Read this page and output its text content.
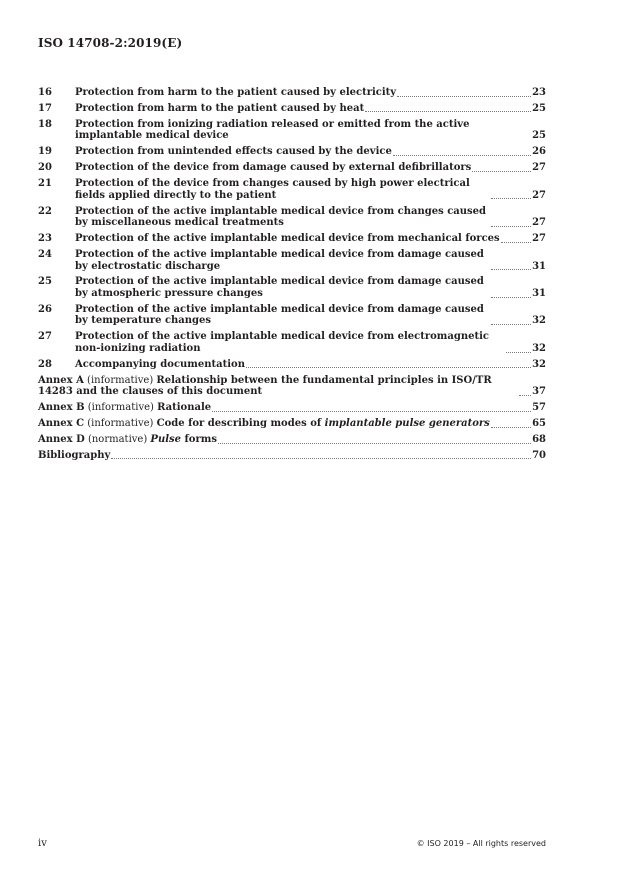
ISO 14708-2:2019(E)
16	Protection from harm to the patient caused by electricity	23
17	Protection from harm to the patient caused by heat	25
18	Protection from ionizing radiation released or emitted from the active implantable medical device	25
19	Protection from unintended effects caused by the device	26
20	Protection of the device from damage caused by external defibrillators	27
21	Protection of the device from changes caused by high power electrical fields applied directly to the patient	27
22	Protection of the active implantable medical device from changes caused by miscellaneous medical treatments	27
23	Protection of the active implantable medical device from mechanical forces	27
24	Protection of the active implantable medical device from damage caused by electrostatic discharge	31
25	Protection of the active implantable medical device from damage caused by atmospheric pressure changes	31
26	Protection of the active implantable medical device from damage caused by temperature changes	32
27	Protection of the active implantable medical device from electromagnetic non-ionizing radiation	32
28	Accompanying documentation	32
Annex A (informative) Relationship between the fundamental principles in ISO/TR 14283 and the clauses of this document	37
Annex B (informative) Rationale	57
Annex C (informative) Code for describing modes of implantable pulse generators	65
Annex D (normative) Pulse forms	68
Bibliography	70
iv	© ISO 2019 – All rights reserved
